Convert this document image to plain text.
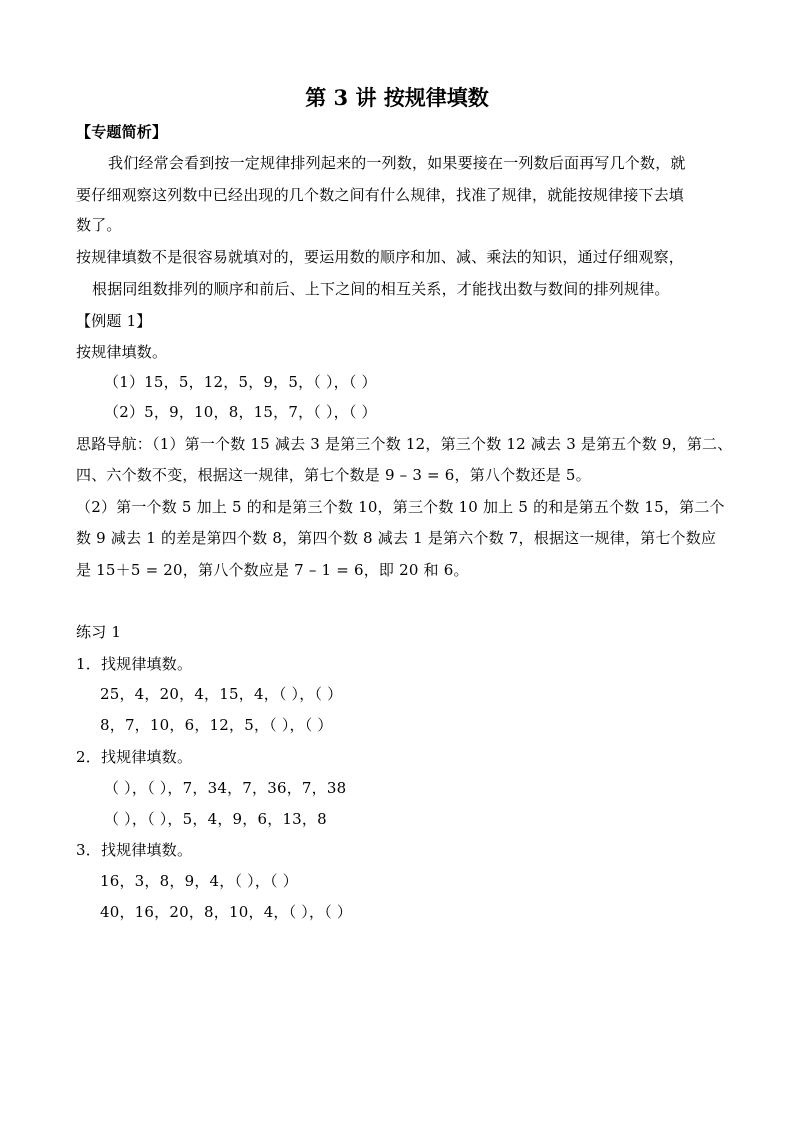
第 3 讲 按规律填数
【专题简析】
我们经常会看到按一定规律排列起来的一列数，如果要接在一列数后面再写几个数，就
要仔细观察这列数中已经出现的几个数之间有什么规律，找准了规律，就能按规律接下去填
数了。
按规律填数不是很容易就填对的，要运用数的顺序和加、减、乘法的知识，通过仔细观察，
根据同组数排列的顺序和前后、上下之间的相互关系，才能找出数与数间的排列规律。
【例题 1】
按规律填数。
（1）15，5，12，5，9，5，（ ），（ ）
（2）5，9，10，8，15，7，（ ），（ ）
思路导航：（1）第一个数 15 减去 3 是第三个数 12，第三个数 12 减去 3 是第五个数 9，第二、
四、六个数不变，根据这一规律，第七个数是 9 – 3 = 6，第八个数还是 5。
（2）第一个数 5 加上 5 的和是第三个数 10，第三个数 10 加上 5 的和是第五个数 15，第二个
数 9 减去 1 的差是第四个数 8，第四个数 8 减去 1 是第六个数 7，根据这一规律，第七个数应
是 15＋5 = 20，第八个数应是 7 – 1 = 6，即 20 和 6。
练习 1
1．找规律填数。
25，4，20，4，15，4，（ ），（ ）
8，7，10，6，12，5，（ ），（ ）
2．找规律填数。
（ ），（ ），7，34，7，36，7，38
（ ），（ ），5，4，9，6，13，8
3．找规律填数。
16，3，8，9，4，（ ），（ ）
40，16，20，8，10，4，（ ），（ ）
